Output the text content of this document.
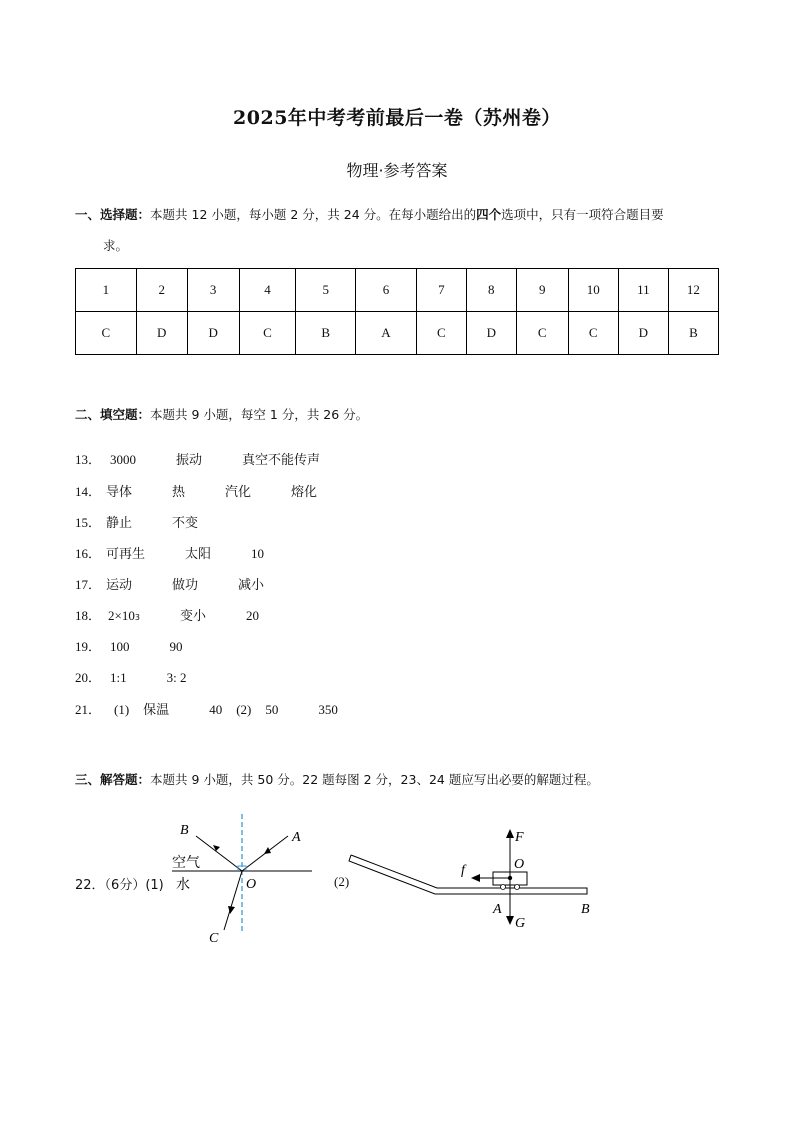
2025年中考考前最后一卷（苏州卷）
物理·参考答案
一、选择题：本题共 12 小题，每小题 2 分，共 24 分。在每小题给出的四个选项中，只有一项符合题目要
求。
1	2	3	4	5	6	7	8	9	10	11	12
C	D	D	C	B	A	C	D	C	C	D	B
二、填空题：本题共 9 小题，每空 1 分，共 26 分。
13． 3000	振动	真空不能传声
14． 导体	热	汽化	熔化
15． 静止	不变
16． 可再生	太阳	10
17． 运动	做功	减小
18． 2×10 3	变小	20
19． 100	90
20． 1:1	3: 2
21． (1) 保温	40 (2) 50	350
三、解答题：本题共 9 小题，共 50 分。22 题每图 2 分，23、24 题应写出必要的解题过程。
22．（6分）(1)	(2)
B	A
O
C
空气
水
F
O
f
A	B
G
